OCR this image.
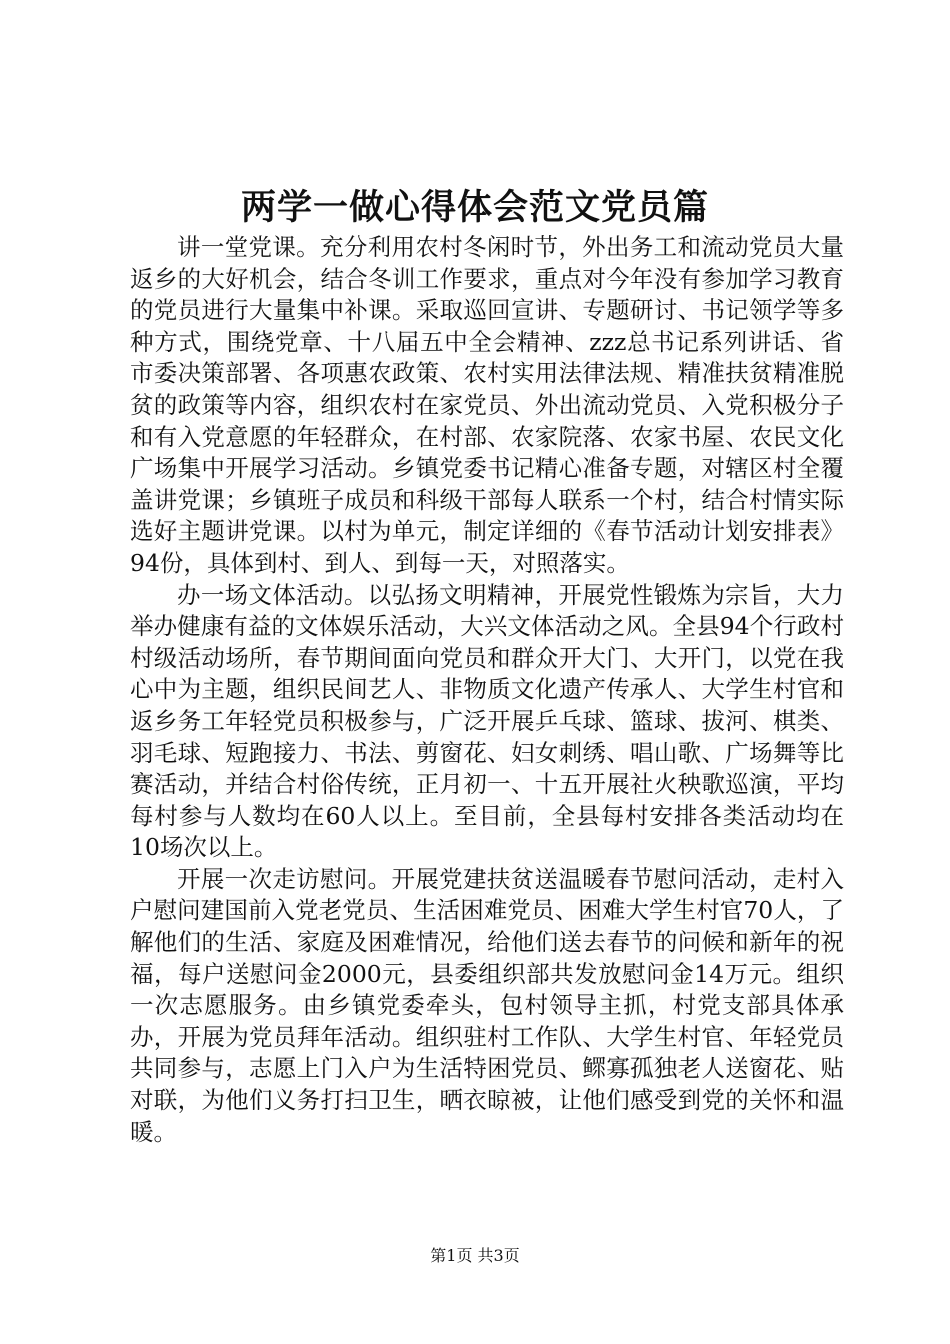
两学一做心得体会范文党员篇

讲一堂党课。充分利用农村冬闲时节，外出务工和流动党员大量返乡的大好机会，结合冬训工作要求，重点对今年没有参加学习教育的党员进行大量集中补课。采取巡回宣讲、专题研讨、书记领学等多种方式，围绕党章、十八届五中全会精神、zzz总书记系列讲话、省市委决策部署、各项惠农政策、农村实用法律法规、精准扶贫精准脱贫的政策等内容，组织农村在家党员、外出流动党员、入党积极分子和有入党意愿的年轻群众，在村部、农家院落、农家书屋、农民文化广场集中开展学习活动。乡镇党委书记精心准备专题，对辖区村全覆盖讲党课；乡镇班子成员和科级干部每人联系一个村，结合村情实际选好主题讲党课。以村为单元，制定详细的《春节活动计划安排表》94份，具体到村、到人、到每一天，对照落实。

办一场文体活动。以弘扬文明精神，开展党性锻炼为宗旨，大力举办健康有益的文体娱乐活动，大兴文体活动之风。全县94个行政村村级活动场所，春节期间面向党员和群众开大门、大开门，以党在我心中为主题，组织民间艺人、非物质文化遗产传承人、大学生村官和返乡务工年轻党员积极参与，广泛开展乒乓球、篮球、拔河、棋类、羽毛球、短跑接力、书法、剪窗花、妇女刺绣、唱山歌、广场舞等比赛活动，并结合村俗传统，正月初一、十五开展社火秧歌巡演，平均每村参与人数均在60人以上。至目前，全县每村安排各类活动均在10场次以上。

开展一次走访慰问。开展党建扶贫送温暖春节慰问活动，走村入户慰问建国前入党老党员、生活困难党员、困难大学生村官70人，了解他们的生活、家庭及困难情况，给他们送去春节的问候和新年的祝福，每户送慰问金2000元，县委组织部共发放慰问金14万元。组织一次志愿服务。由乡镇党委牵头，包村领导主抓，村党支部具体承办，开展为党员拜年活动。组织驻村工作队、大学生村官、年轻党员共同参与，志愿上门入户为生活特困党员、鳏寡孤独老人送窗花、贴对联，为他们义务打扫卫生，晒衣晾被，让他们感受到党的关怀和温暖。

第1页 共3页
